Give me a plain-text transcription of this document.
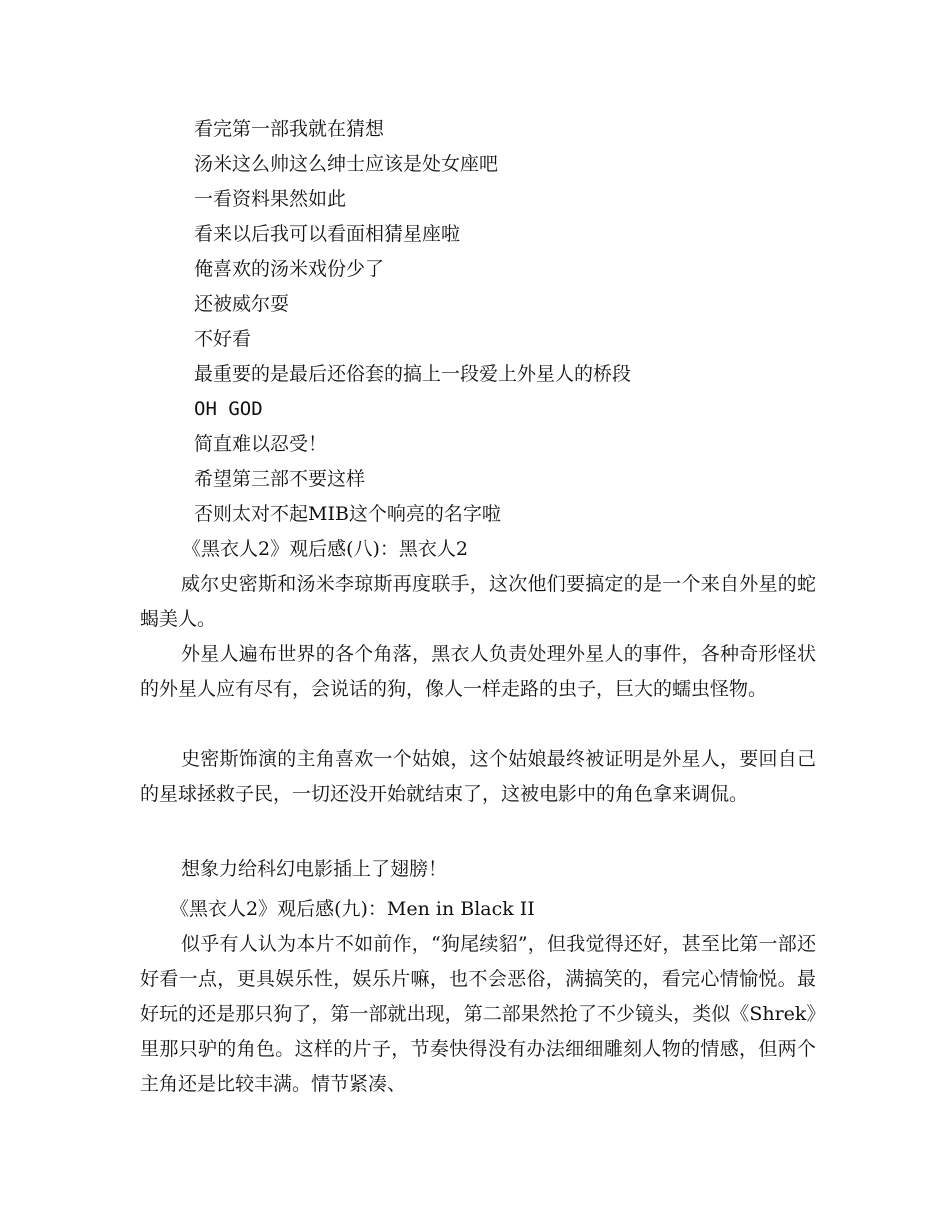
看完第一部我就在猜想
汤米这么帅这么绅士应该是处女座吧
一看资料果然如此
看来以后我可以看面相猜星座啦
俺喜欢的汤米戏份少了
还被威尔耍
不好看
最重要的是最后还俗套的搞上一段爱上外星人的桥段
OH GOD
简直难以忍受！
希望第三部不要这样
否则太对不起MIB这个响亮的名字啦
《黑衣人2》观后感(八)：黑衣人2
威尔史密斯和汤米李琼斯再度联手，这次他们要搞定的是一个来自外星的蛇蝎美人。
外星人遍布世界的各个角落，黑衣人负责处理外星人的事件，各种奇形怪状的外星人应有尽有，会说话的狗，像人一样走路的虫子，巨大的蠕虫怪物。
史密斯饰演的主角喜欢一个姑娘，这个姑娘最终被证明是外星人，要回自己的星球拯救子民，一切还没开始就结束了，这被电影中的角色拿来调侃。
想象力给科幻电影插上了翅膀！
《黑衣人2》观后感(九)：Men in Black II
似乎有人认为本片不如前作，“狗尾续貂”，但我觉得还好，甚至比第一部还好看一点，更具娱乐性，娱乐片嘛，也不会恶俗，满搞笑的，看完心情愉悦。最好玩的还是那只狗了，第一部就出现，第二部果然抢了不少镜头，类似《Shrek》里那只驴的角色。这样的片子，节奏快得没有办法细细雕刻人物的情感，但两个主角还是比较丰满。情节紧凑、
